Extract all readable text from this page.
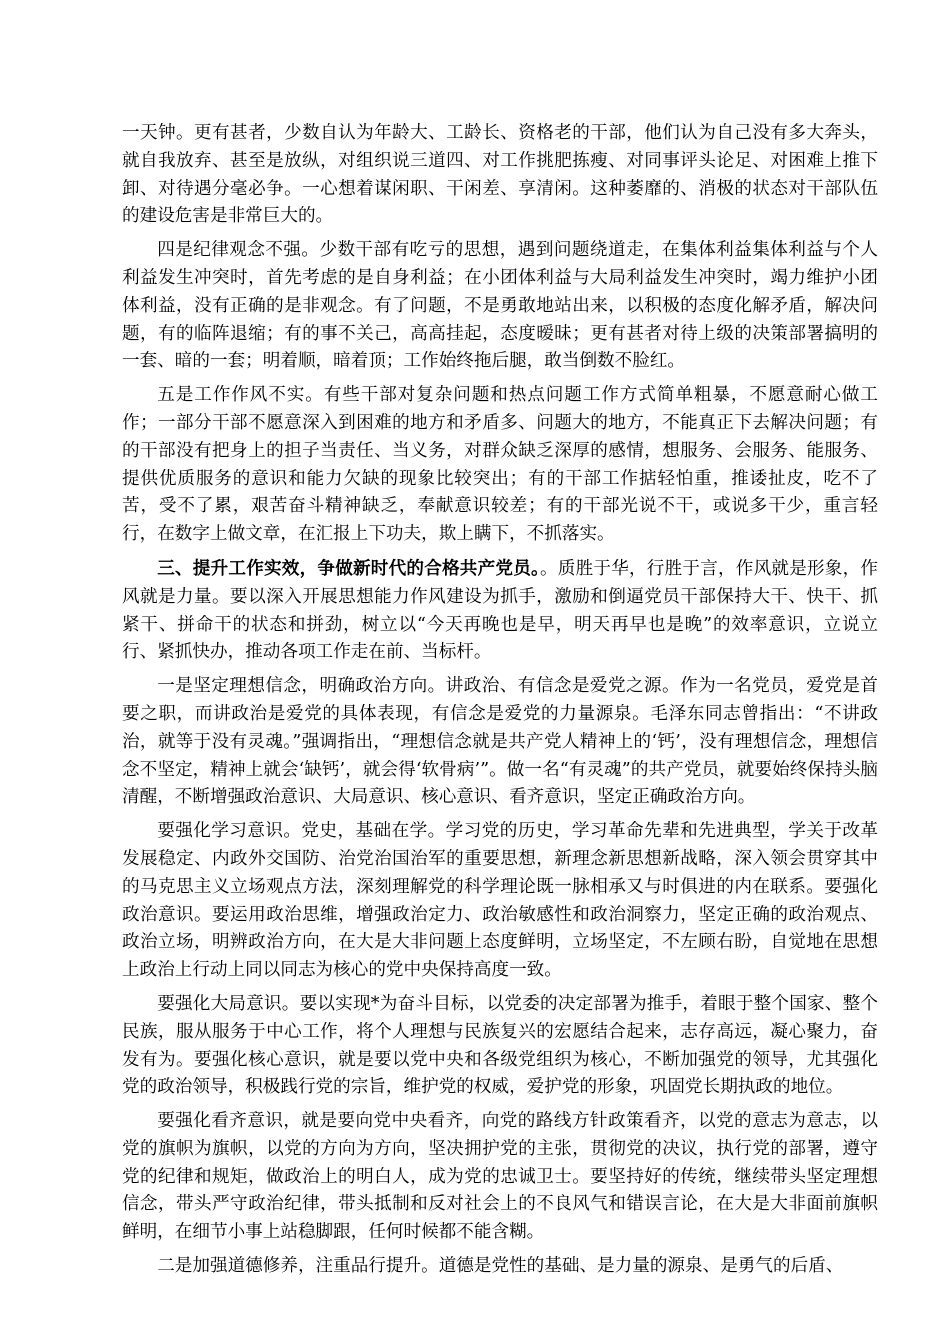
一天钟。更有甚者，少数自认为年龄大、工龄长、资格老的干部，他们认为自己没有多大奔头，就自我放弃、甚至是放纵，对组织说三道四、对工作挑肥拣瘦、对同事评头论足、对困难上推下卸、对待遇分毫必争。一心想着谋闲职、干闲差、享清闲。这种萎靡的、消极的状态对干部队伍的建设危害是非常巨大的。

四是纪律观念不强。少数干部有吃亏的思想，遇到问题绕道走，在集体利益集体利益与个人利益发生冲突时，首先考虑的是自身利益；在小团体利益与大局利益发生冲突时，竭力维护小团体利益，没有正确的是非观念。有了问题，不是勇敢地站出来，以积极的态度化解矛盾，解决问题，有的临阵退缩；有的事不关己，高高挂起，态度暧昧；更有甚者对待上级的决策部署搞明的一套、暗的一套；明着顺，暗着顶；工作始终拖后腿，敢当倒数不脸红。

五是工作作风不实。有些干部对复杂问题和热点问题工作方式简单粗暴，不愿意耐心做工作；一部分干部不愿意深入到困难的地方和矛盾多、问题大的地方，不能真正下去解决问题；有的干部没有把身上的担子当责任、当义务，对群众缺乏深厚的感情，想服务、会服务、能服务、提供优质服务的意识和能力欠缺的现象比较突出；有的干部工作掂轻怕重，推诿扯皮，吃不了苦，受不了累，艰苦奋斗精神缺乏，奉献意识较差；有的干部光说不干，或说多干少，重言轻行，在数字上做文章，在汇报上下功夫，欺上瞒下，不抓落实。

三、提升工作实效，争做新时代的合格共产党员。。质胜于华，行胜于言，作风就是形象，作风就是力量。要以深入开展思想能力作风建设为抓手，激励和倒逼党员干部保持大干、快干、抓紧干、拼命干的状态和拼劲，树立以“今天再晚也是早，明天再早也是晚”的效率意识，立说立行、紧抓快办，推动各项工作走在前、当标杆。

一是坚定理想信念，明确政治方向。讲政治、有信念是爱党之源。作为一名党员，爱党是首要之职，而讲政治是爱党的具体表现，有信念是爱党的力量源泉。毛泽东同志曾指出：“不讲政治，就等于没有灵魂。”强调指出，“理想信念就是共产党人精神上的‘钙’，没有理想信念，理想信念不坚定，精神上就会‘缺钙’，就会得‘软骨病’”。做一名“有灵魂”的共产党员，就要始终保持头脑清醒，不断增强政治意识、大局意识、核心意识、看齐意识，坚定正确政治方向。

要强化学习意识。党史，基础在学。学习党的历史，学习革命先辈和先进典型，学关于改革发展稳定、内政外交国防、治党治国治军的重要思想，新理念新思想新战略，深入领会贯穿其中的马克思主义立场观点方法，深刻理解党的科学理论既一脉相承又与时俱进的内在联系。要强化政治意识。要运用政治思维，增强政治定力、政治敏感性和政治洞察力，坚定正确的政治观点、政治立场，明辨政治方向，在大是大非问题上态度鲜明，立场坚定，不左顾右盼，自觉地在思想上政治上行动上同以同志为核心的党中央保持高度一致。

要强化大局意识。要以实现*为奋斗目标，以党委的决定部署为推手，着眼于整个国家、整个民族，服从服务于中心工作，将个人理想与民族复兴的宏愿结合起来，志存高远，凝心聚力，奋发有为。要强化核心意识，就是要以党中央和各级党组织为核心，不断加强党的领导，尤其强化党的政治领导，积极践行党的宗旨，维护党的权威，爱护党的形象，巩固党长期执政的地位。

要强化看齐意识，就是要向党中央看齐，向党的路线方针政策看齐，以党的意志为意志，以党的旗帜为旗帜，以党的方向为方向，坚决拥护党的主张，贯彻党的决议，执行党的部署，遵守党的纪律和规矩，做政治上的明白人，成为党的忠诚卫士。要坚持好的传统，继续带头坚定理想信念，带头严守政治纪律，带头抵制和反对社会上的不良风气和错误言论，在大是大非面前旗帜鲜明，在细节小事上站稳脚跟，任何时候都不能含糊。

二是加强道德修养，注重品行提升。道德是党性的基础、是力量的源泉、是勇气的后盾、
